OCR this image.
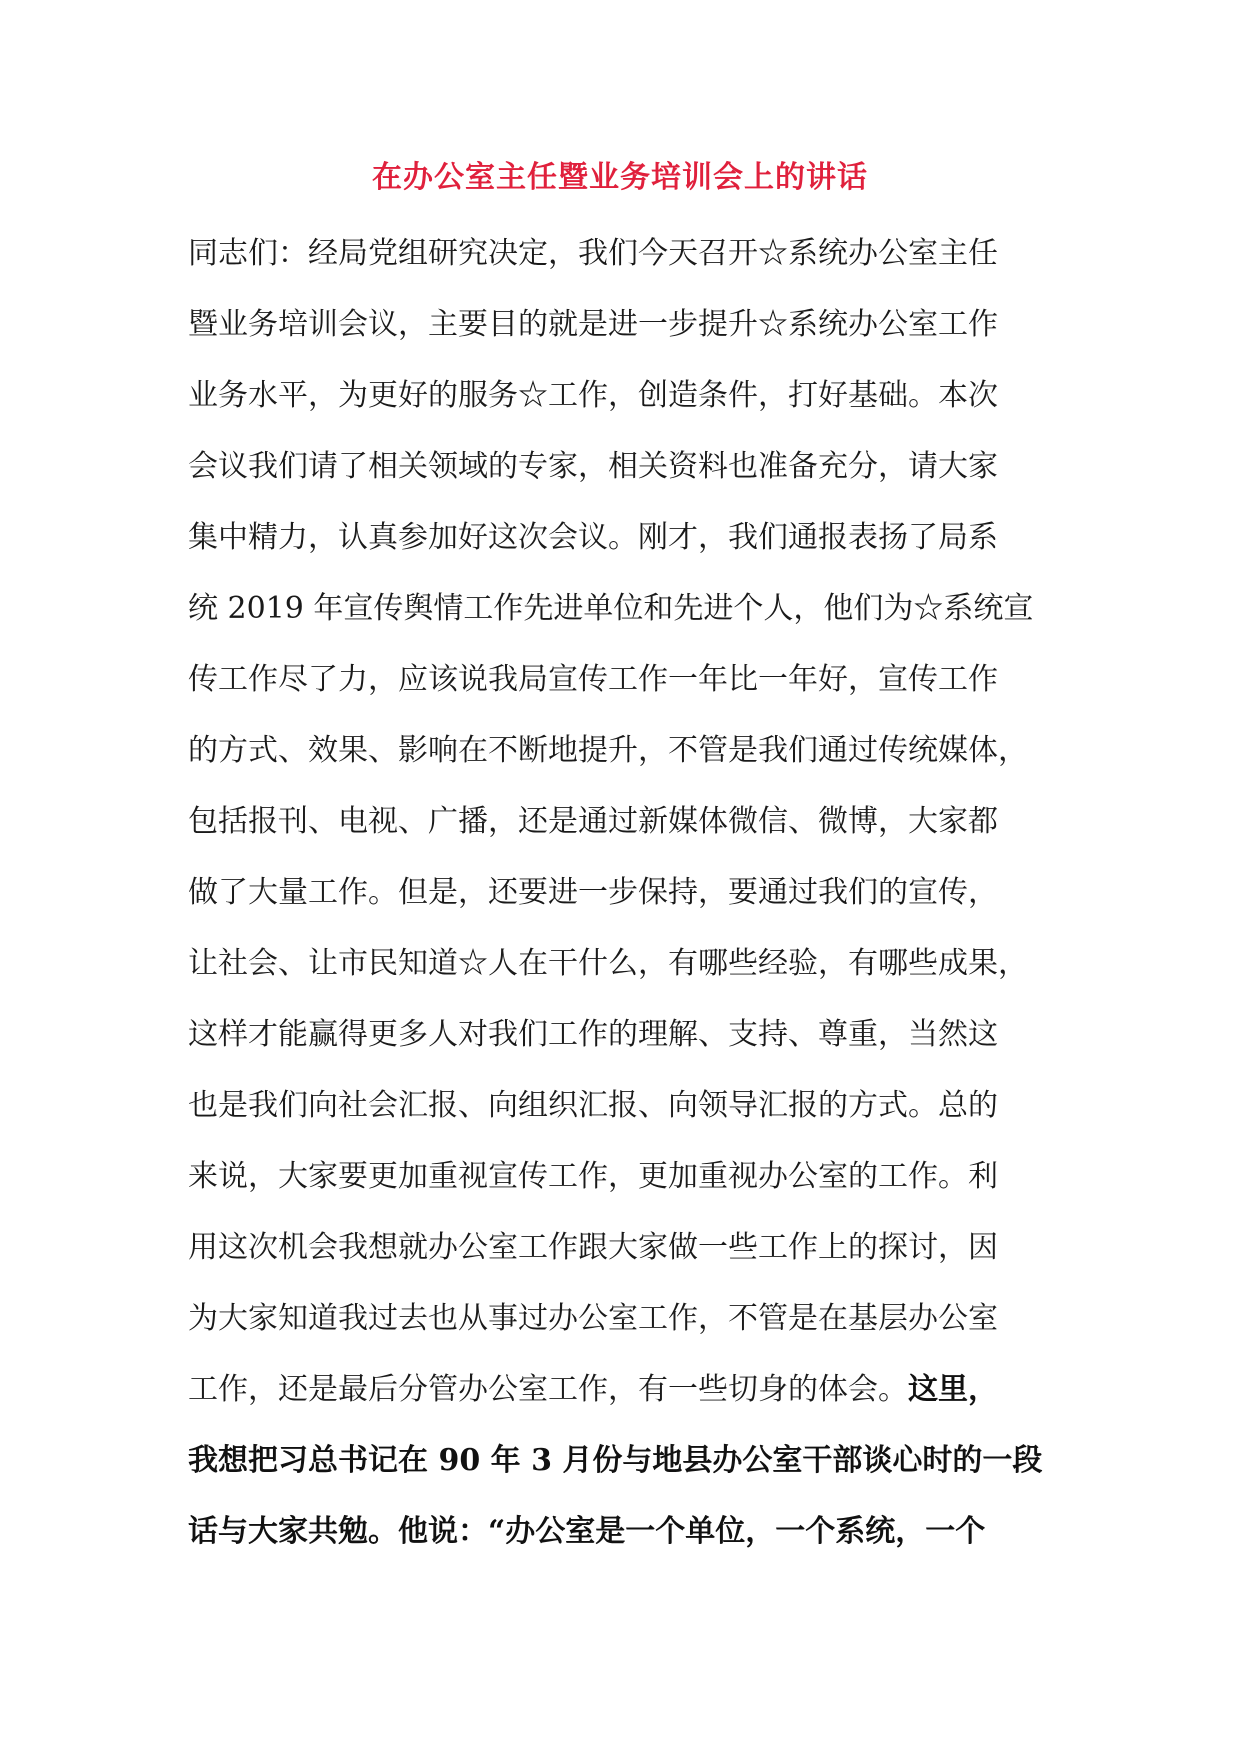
在办公室主任暨业务培训会上的讲话
同志们：经局党组研究决定，我们今天召开☆系统办公室主任
暨业务培训会议，主要目的就是进一步提升☆系统办公室工作
业务水平，为更好的服务☆工作，创造条件，打好基础。本次
会议我们请了相关领域的专家，相关资料也准备充分，请大家
集中精力，认真参加好这次会议。刚才，我们通报表扬了局系
统 2019 年宣传舆情工作先进单位和先进个人，他们为☆系统宣
传工作尽了力，应该说我局宣传工作一年比一年好，宣传工作
的方式、效果、影响在不断地提升，不管是我们通过传统媒体，
包括报刊、电视、广播，还是通过新媒体微信、微博，大家都
做了大量工作。但是，还要进一步保持，要通过我们的宣传，
让社会、让市民知道☆人在干什么，有哪些经验，有哪些成果，
这样才能赢得更多人对我们工作的理解、支持、尊重，当然这
也是我们向社会汇报、向组织汇报、向领导汇报的方式。总的
来说，大家要更加重视宣传工作，更加重视办公室的工作。利
用这次机会我想就办公室工作跟大家做一些工作上的探讨，因
为大家知道我过去也从事过办公室工作，不管是在基层办公室
工作，还是最后分管办公室工作，有一些切身的体会。这里，
我想把习总书记在 90 年 3 月份与地县办公室干部谈心时的一段
话与大家共勉。他说：“办公室是一个单位，一个系统，一个
